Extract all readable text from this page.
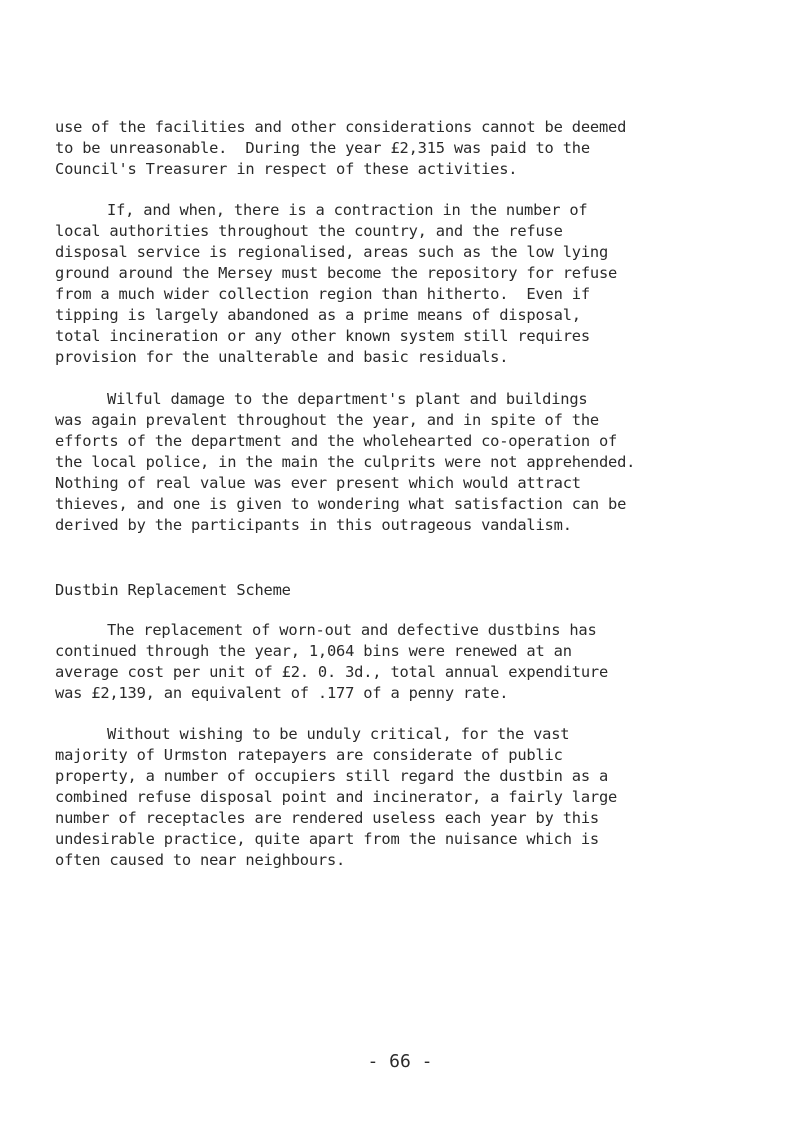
use of the facilities and other considerations cannot be deemed
to be unreasonable.  During the year £2,315 was paid to the
Council's Treasurer in respect of these activities.
If, and when, there is a contraction in the number of
local authorities throughout the country, and the refuse
disposal service is regionalised, areas such as the low lying
ground around the Mersey must become the repository for refuse
from a much wider collection region than hitherto.  Even if
tipping is largely abandoned as a prime means of disposal,
total incineration or any other known system still requires
provision for the unalterable and basic residuals.
Wilful damage to the department's plant and buildings
was again prevalent throughout the year, and in spite of the
efforts of the department and the wholehearted co-operation of
the local police, in the main the culprits were not apprehended.
Nothing of real value was ever present which would attract
thieves, and one is given to wondering what satisfaction can be
derived by the participants in this outrageous vandalism.
Dustbin Replacement Scheme
The replacement of worn-out and defective dustbins has
continued through the year, 1,064 bins were renewed at an
average cost per unit of £2. 0. 3d., total annual expenditure
was £2,139, an equivalent of .177 of a penny rate.
Without wishing to be unduly critical, for the vast
majority of Urmston ratepayers are considerate of public
property, a number of occupiers still regard the dustbin as a
combined refuse disposal point and incinerator, a fairly large
number of receptacles are rendered useless each year by this
undesirable practice, quite apart from the nuisance which is
often caused to near neighbours.
- 66 -
